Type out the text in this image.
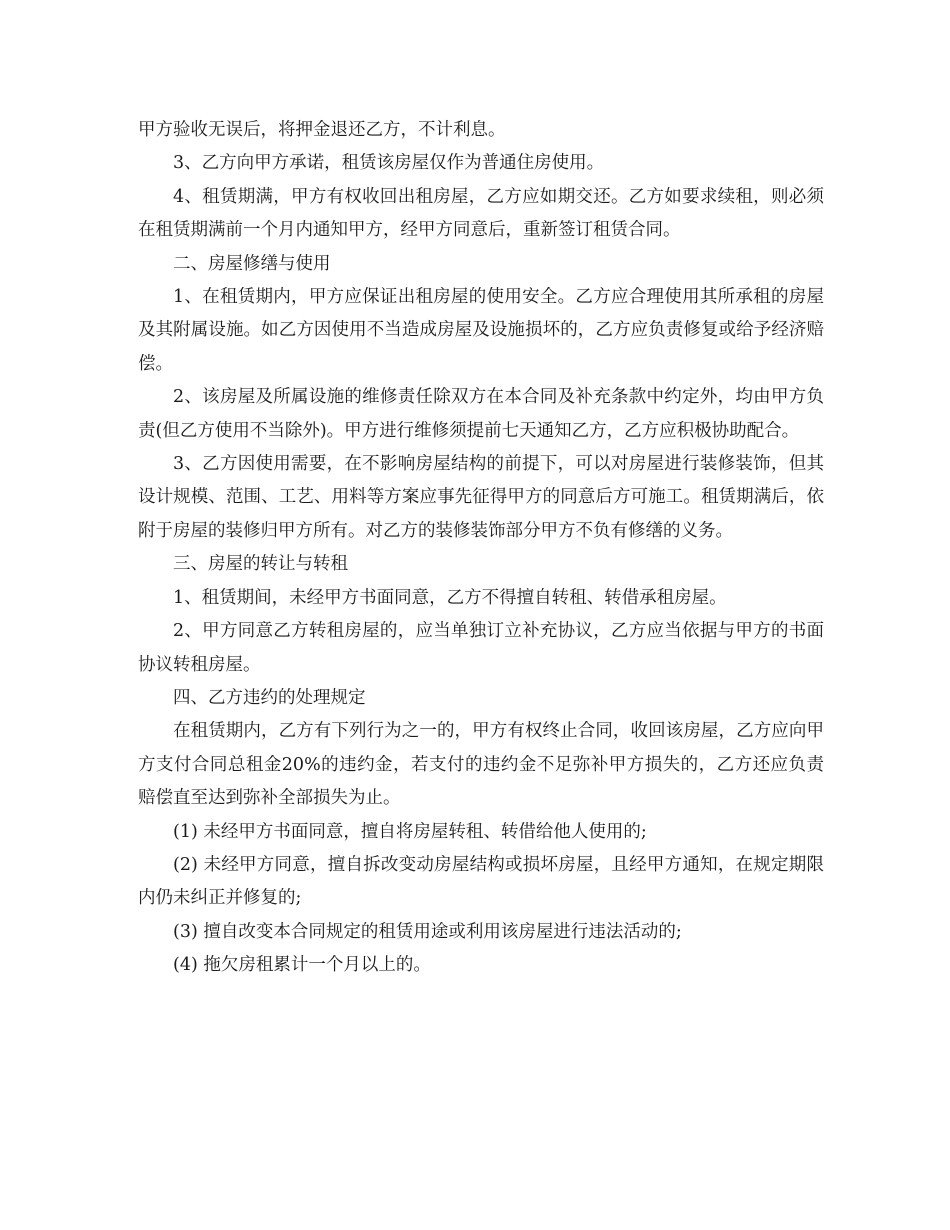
甲方验收无误后，将押金退还乙方，不计利息。

3、乙方向甲方承诺，租赁该房屋仅作为普通住房使用。

4、租赁期满，甲方有权收回出租房屋，乙方应如期交还。乙方如要求续租，则必须在租赁期满前一个月内通知甲方，经甲方同意后，重新签订租赁合同。

二、房屋修缮与使用

1、在租赁期内，甲方应保证出租房屋的使用安全。乙方应合理使用其所承租的房屋及其附属设施。如乙方因使用不当造成房屋及设施损坏的，乙方应负责修复或给予经济赔偿。

2、该房屋及所属设施的维修责任除双方在本合同及补充条款中约定外，均由甲方负责(但乙方使用不当除外)。甲方进行维修须提前七天通知乙方，乙方应积极协助配合。

3、乙方因使用需要，在不影响房屋结构的前提下，可以对房屋进行装修装饰，但其设计规模、范围、工艺、用料等方案应事先征得甲方的同意后方可施工。租赁期满后，依附于房屋的装修归甲方所有。对乙方的装修装饰部分甲方不负有修缮的义务。

三、房屋的转让与转租

1、租赁期间，未经甲方书面同意，乙方不得擅自转租、转借承租房屋。

2、甲方同意乙方转租房屋的，应当单独订立补充协议，乙方应当依据与甲方的书面协议转租房屋。

四、乙方违约的处理规定

在租赁期内，乙方有下列行为之一的，甲方有权终止合同，收回该房屋，乙方应向甲方支付合同总租金20%的违约金，若支付的违约金不足弥补甲方损失的，乙方还应负责赔偿直至达到弥补全部损失为止。

(1) 未经甲方书面同意，擅自将房屋转租、转借给他人使用的;

(2) 未经甲方同意，擅自拆改变动房屋结构或损坏房屋，且经甲方通知，在规定期限内仍未纠正并修复的;

(3) 擅自改变本合同规定的租赁用途或利用该房屋进行违法活动的;

(4) 拖欠房租累计一个月以上的。
